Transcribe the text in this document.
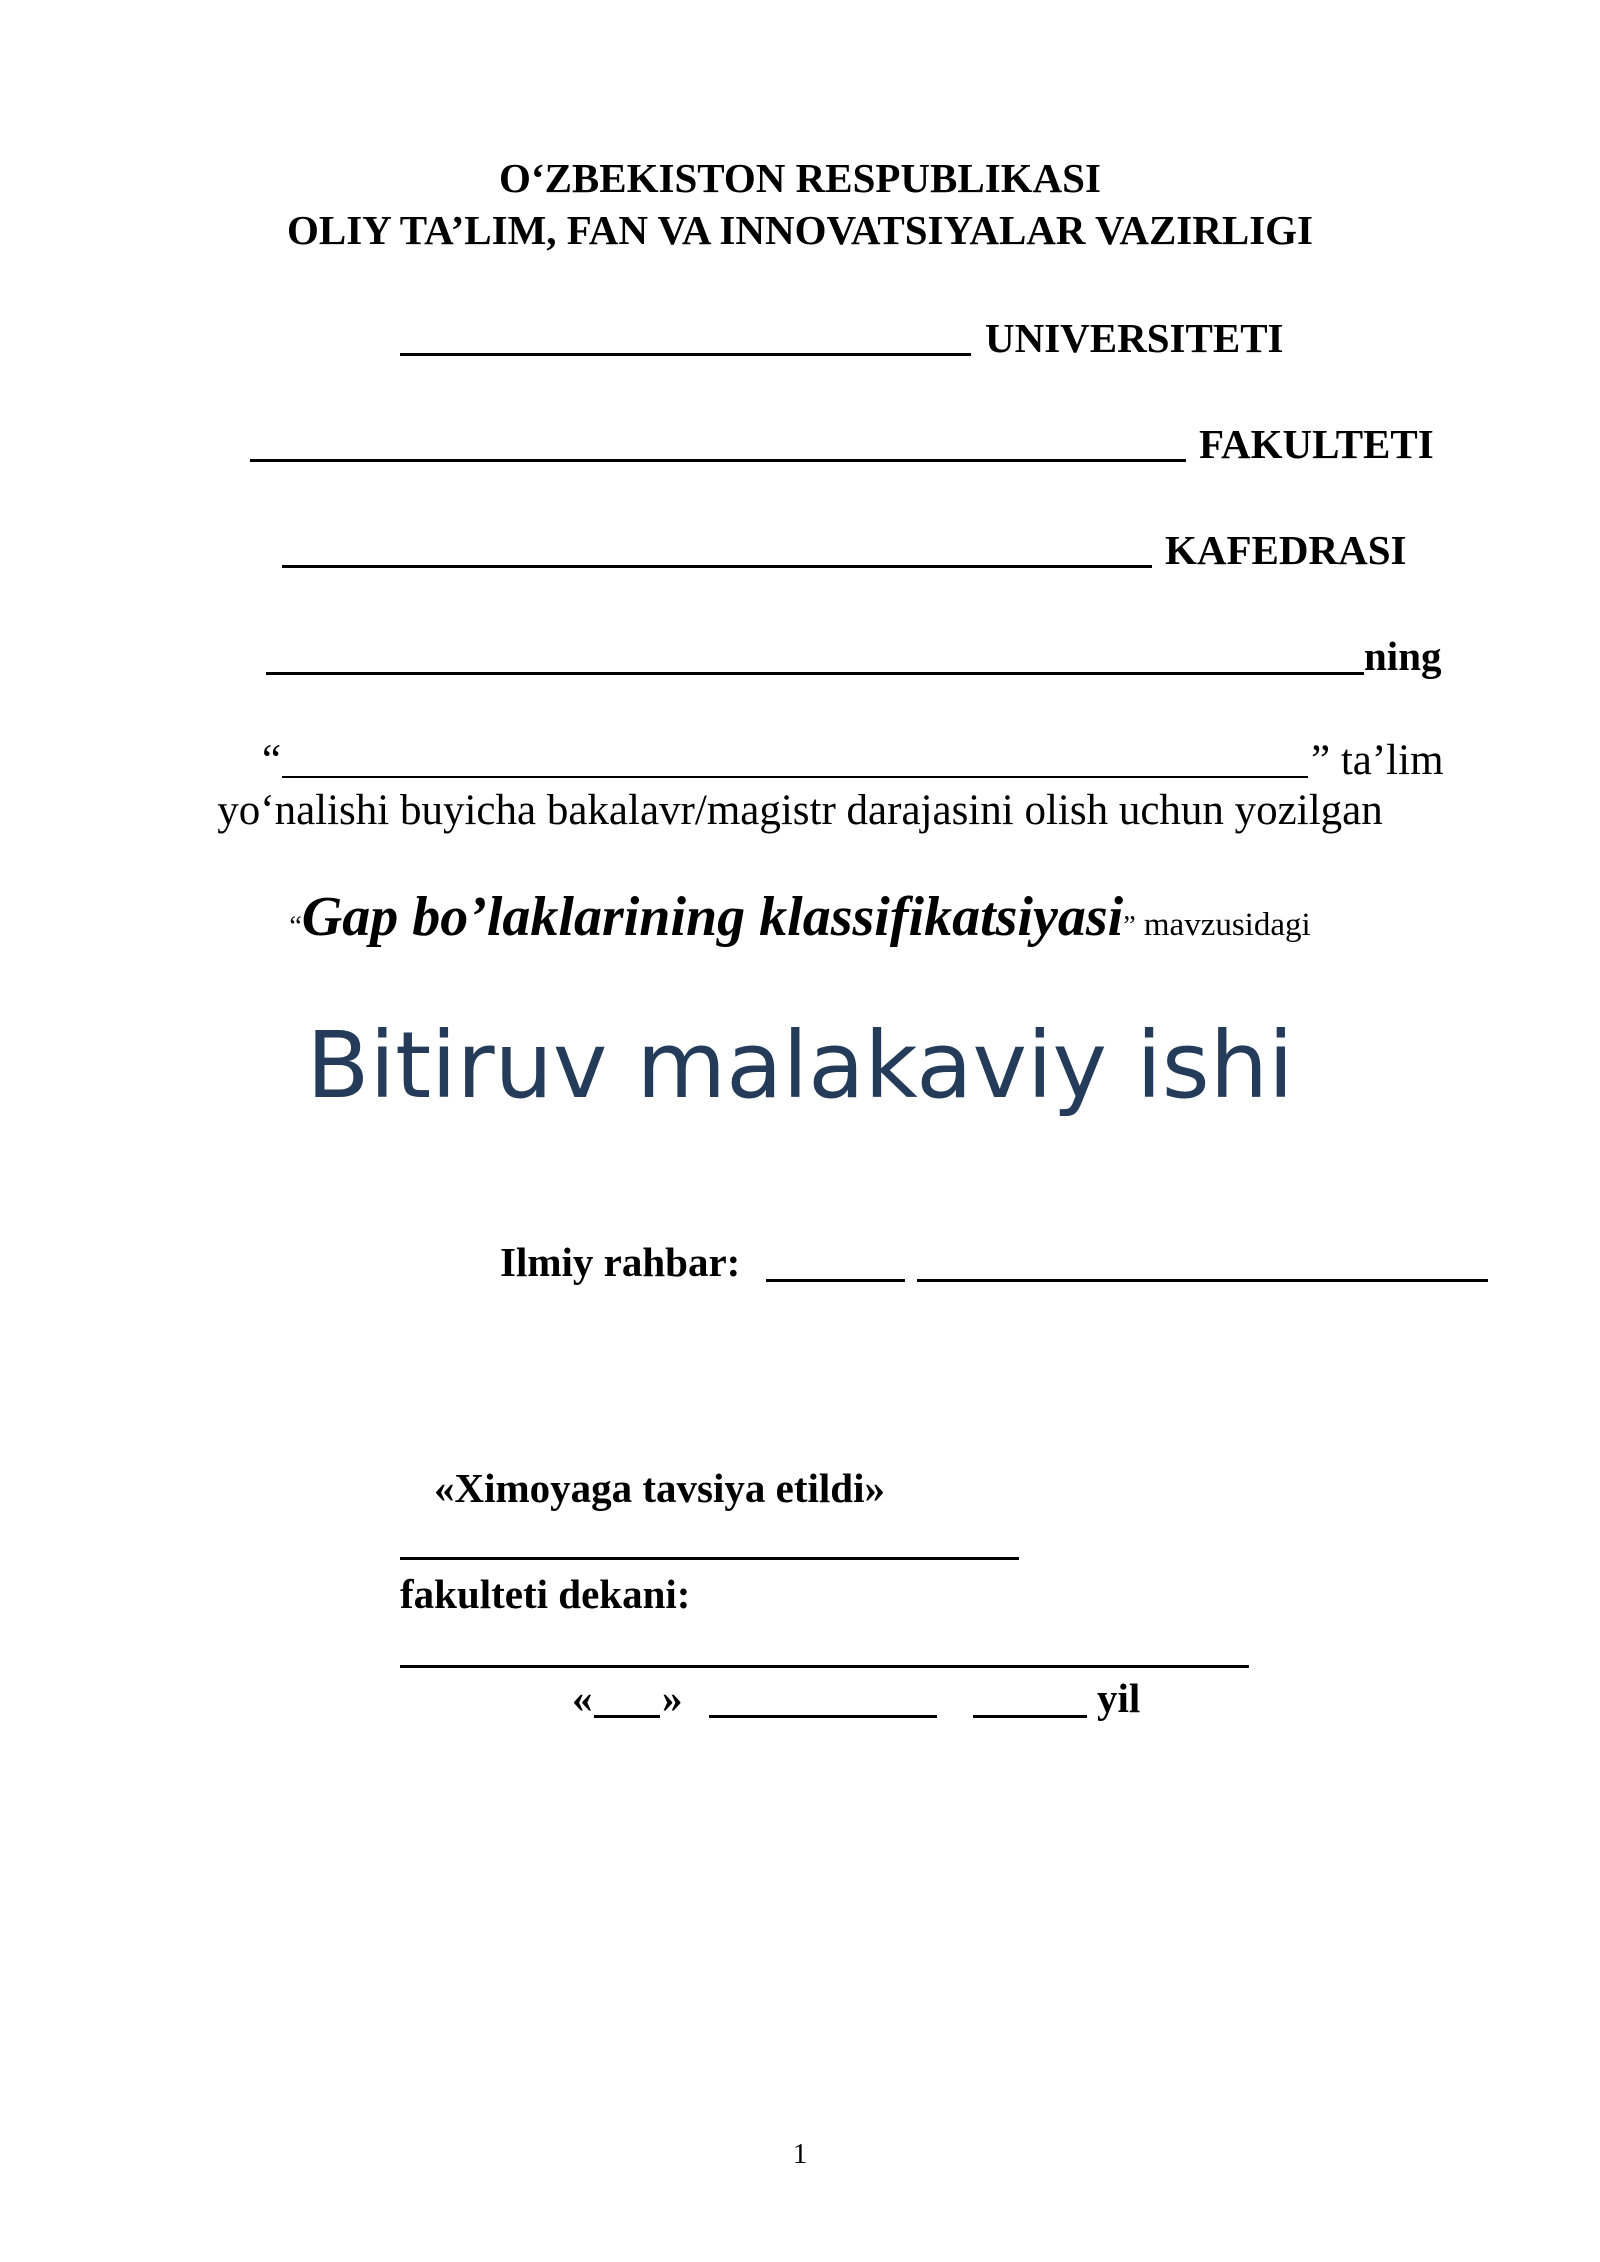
O‘ZBEKISTON RESPUBLIKASI
OLIY TA’LIM, FAN VA INNOVATSIYALAR VAZIRLIGI
UNIVERSITETI
FAKULTETI
KAFEDRASI
ning
“	” ta’lim
yo‘nalishi buyicha bakalavr/magistr darajasini olish uchun yozilgan
“Gap bo’laklarining klassifikatsiyasi” mavzusidagi
Bitiruv malakaviy ishi
Ilmiy rahbar:
«Ximoyaga tavsiya etildi»
fakulteti dekani:
« »	yil
1
